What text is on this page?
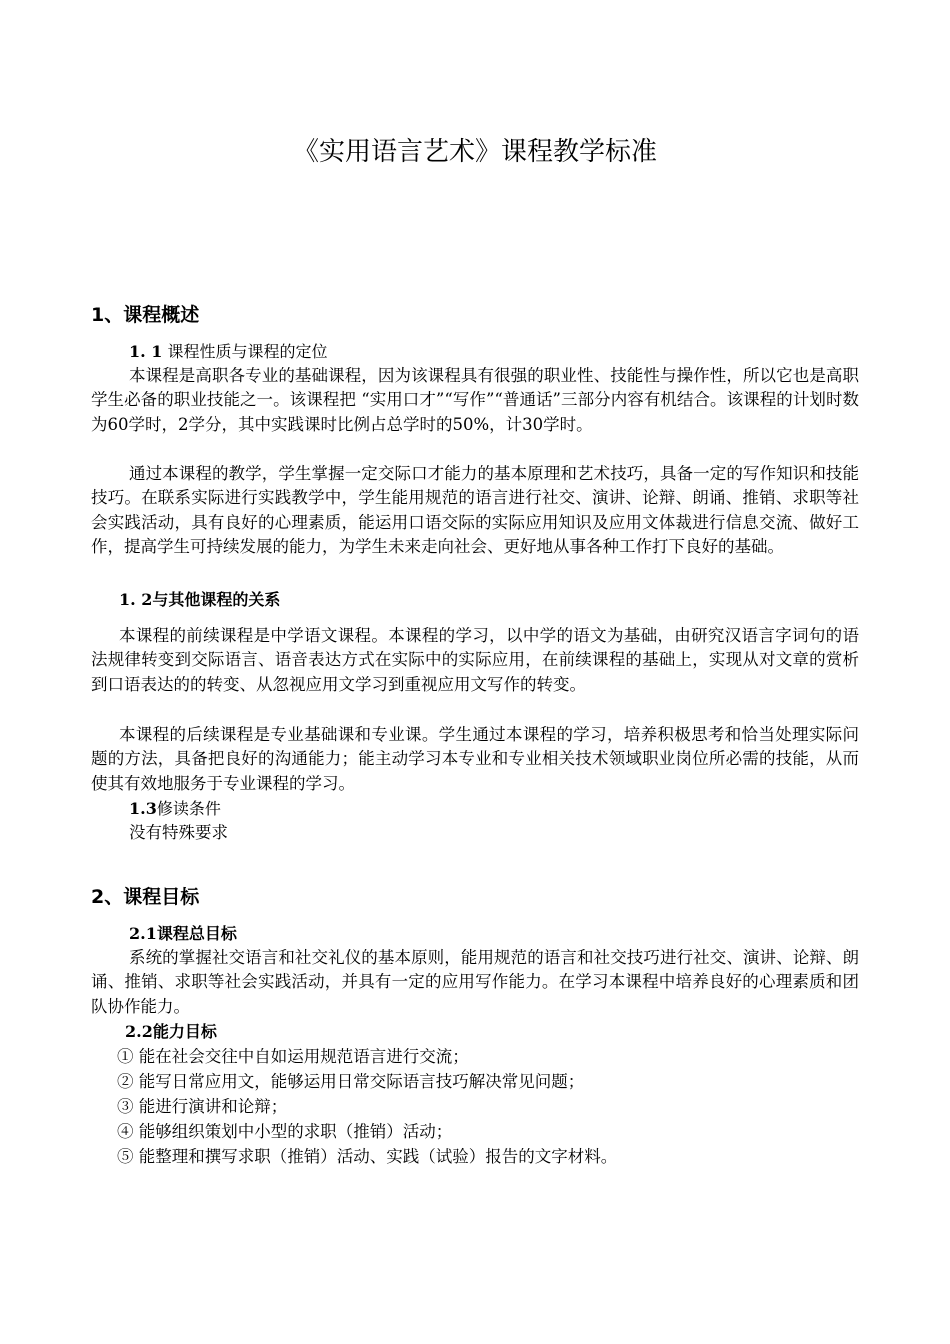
《实用语言艺术》课程教学标准
1、课程概述
1. 1 课程性质与课程的定位
本课程是高职各专业的基础课程，因为该课程具有很强的职业性、技能性与操作性，所以它也是高职学生必备的职业技能之一。该课程把 “实用口才”“写作”“普通话”三部分内容有机结合。该课程的计划时数为60学时，2学分，其中实践课时比例占总学时的50%，计30学时。
通过本课程的教学，学生掌握一定交际口才能力的基本原理和艺术技巧，具备一定的写作知识和技能技巧。在联系实际进行实践教学中，学生能用规范的语言进行社交、演讲、论辩、朗诵、推销、求职等社会实践活动，具有良好的心理素质，能运用口语交际的实际应用知识及应用文体裁进行信息交流、做好工作，提高学生可持续发展的能力，为学生未来走向社会、更好地从事各种工作打下良好的基础。
1. 2与其他课程的关系
本课程的前续课程是中学语文课程。本课程的学习，以中学的语文为基础，由研究汉语言字词句的语法规律转变到交际语言、语音表达方式在实际中的实际应用，在前续课程的基础上，实现从对文章的赏析到口语表达的的转变、从忽视应用文学习到重视应用文写作的转变。
本课程的后续课程是专业基础课和专业课。学生通过本课程的学习，培养积极思考和恰当处理实际问题的方法，具备把良好的沟通能力；能主动学习本专业和专业相关技术领域职业岗位所必需的技能，从而使其有效地服务于专业课程的学习。
1.3修读条件
没有特殊要求
2、课程目标
2.1课程总目标
系统的掌握社交语言和社交礼仪的基本原则，能用规范的语言和社交技巧进行社交、演讲、论辩、朗诵、推销、求职等社会实践活动，并具有一定的应用写作能力。在学习本课程中培养良好的心理素质和团队协作能力。
2.2能力目标
① 能在社会交往中自如运用规范语言进行交流；
② 能写日常应用文，能够运用日常交际语言技巧解决常见问题；
③ 能进行演讲和论辩；
④ 能够组织策划中小型的求职（推销）活动；
⑤ 能整理和撰写求职（推销）活动、实践（试验）报告的文字材料。
